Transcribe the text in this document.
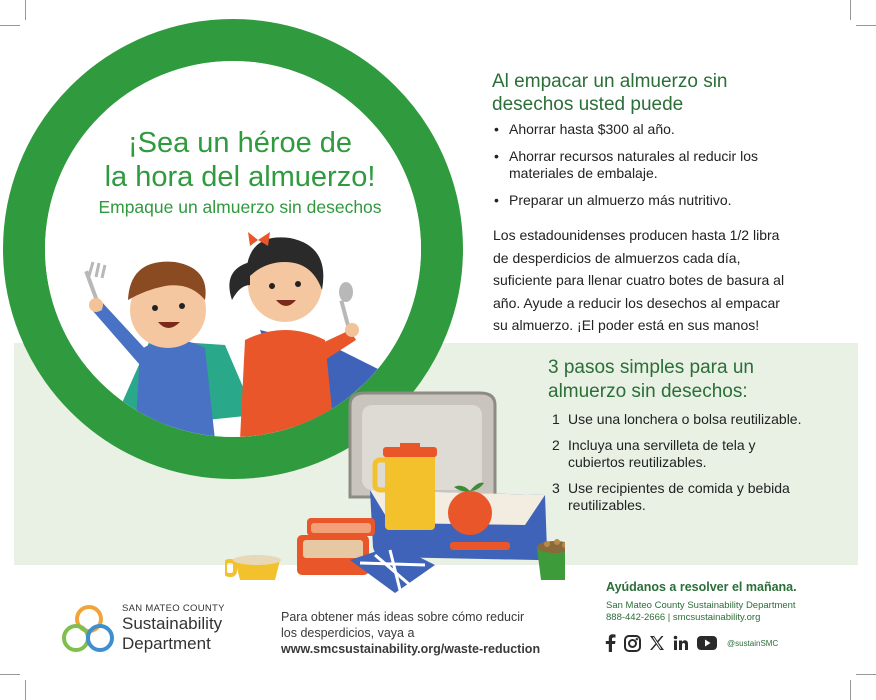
¡Sea un héroe de
la hora del almuerzo!

Empaque un almuerzo sin desechos

Al empacar un almuerzo sin
desechos usted puede
• Ahorrar hasta $300 al año.
• Ahorrar recursos naturales al reducir los materiales de embalaje.
• Preparar un almuerzo más nutritivo.

Los estadounidenses producen hasta 1/2 libra
de desperdicios de almuerzos cada día,
suficiente para llenar cuatro botes de basura al
año. Ayude a reducir los desechos al empacar
su almuerzo. ¡El poder está en sus manos!

3 pasos simples para un
almuerzo sin desechos:
1 Use una lonchera o bolsa reutilizable.
2 Incluya una servilleta de tela y cubiertos reutilizables.
3 Use recipientes de comida y bebida reutilizables.
SAN MATEO COUNTY
Sustainability
Department

Para obtener más ideas sobre cómo reducir
los desperdicios, vaya a
www.smcsustainability.org/waste-reduction

Ayúdanos a resolver el mañana.

San Mateo County Sustainability Department
888-442-2666 | smcsustainability.org

@sustainSMC
